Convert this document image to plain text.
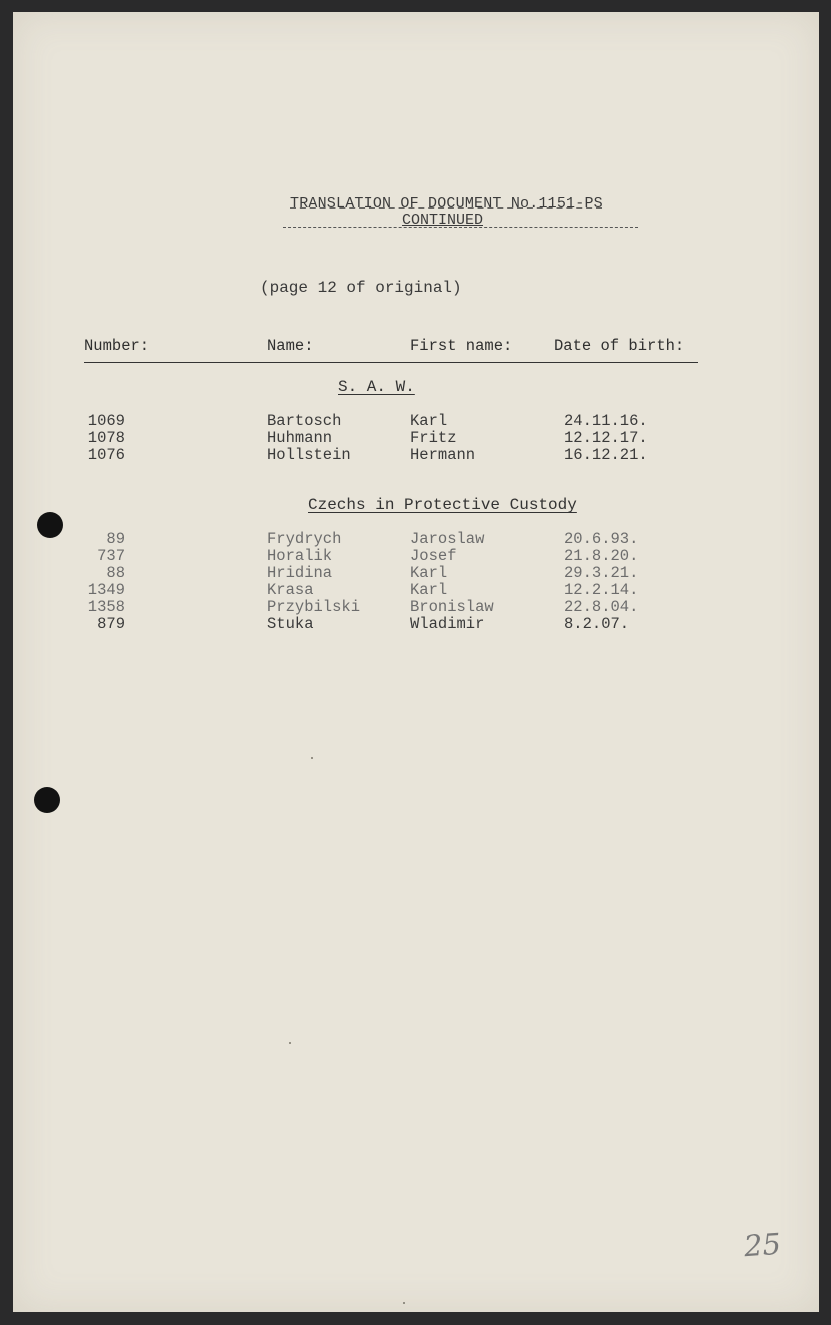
TRANSLATION OF DOCUMENT No.1151-PS
CONTINUED
(page 12 of original)
Number:	Name:	First name:	Date of birth:
S. A. W.
1069	Bartosch	Karl	24.11.16.
1078	Huhmann	Fritz	12.12.17.
1076	Hollstein	Hermann	16.12.21.
Czechs in Protective Custody
89	Frydrych	Jaroslaw	20.6.93.
737	Horalik	Josef	21.8.20.
88	Hridina	Karl	29.3.21.
1349	Krasa	Karl	12.2.14.
1358	Przybilski	Bronislaw	22.8.04.
879	Stuka	Wladimir	8.2.07.
25
